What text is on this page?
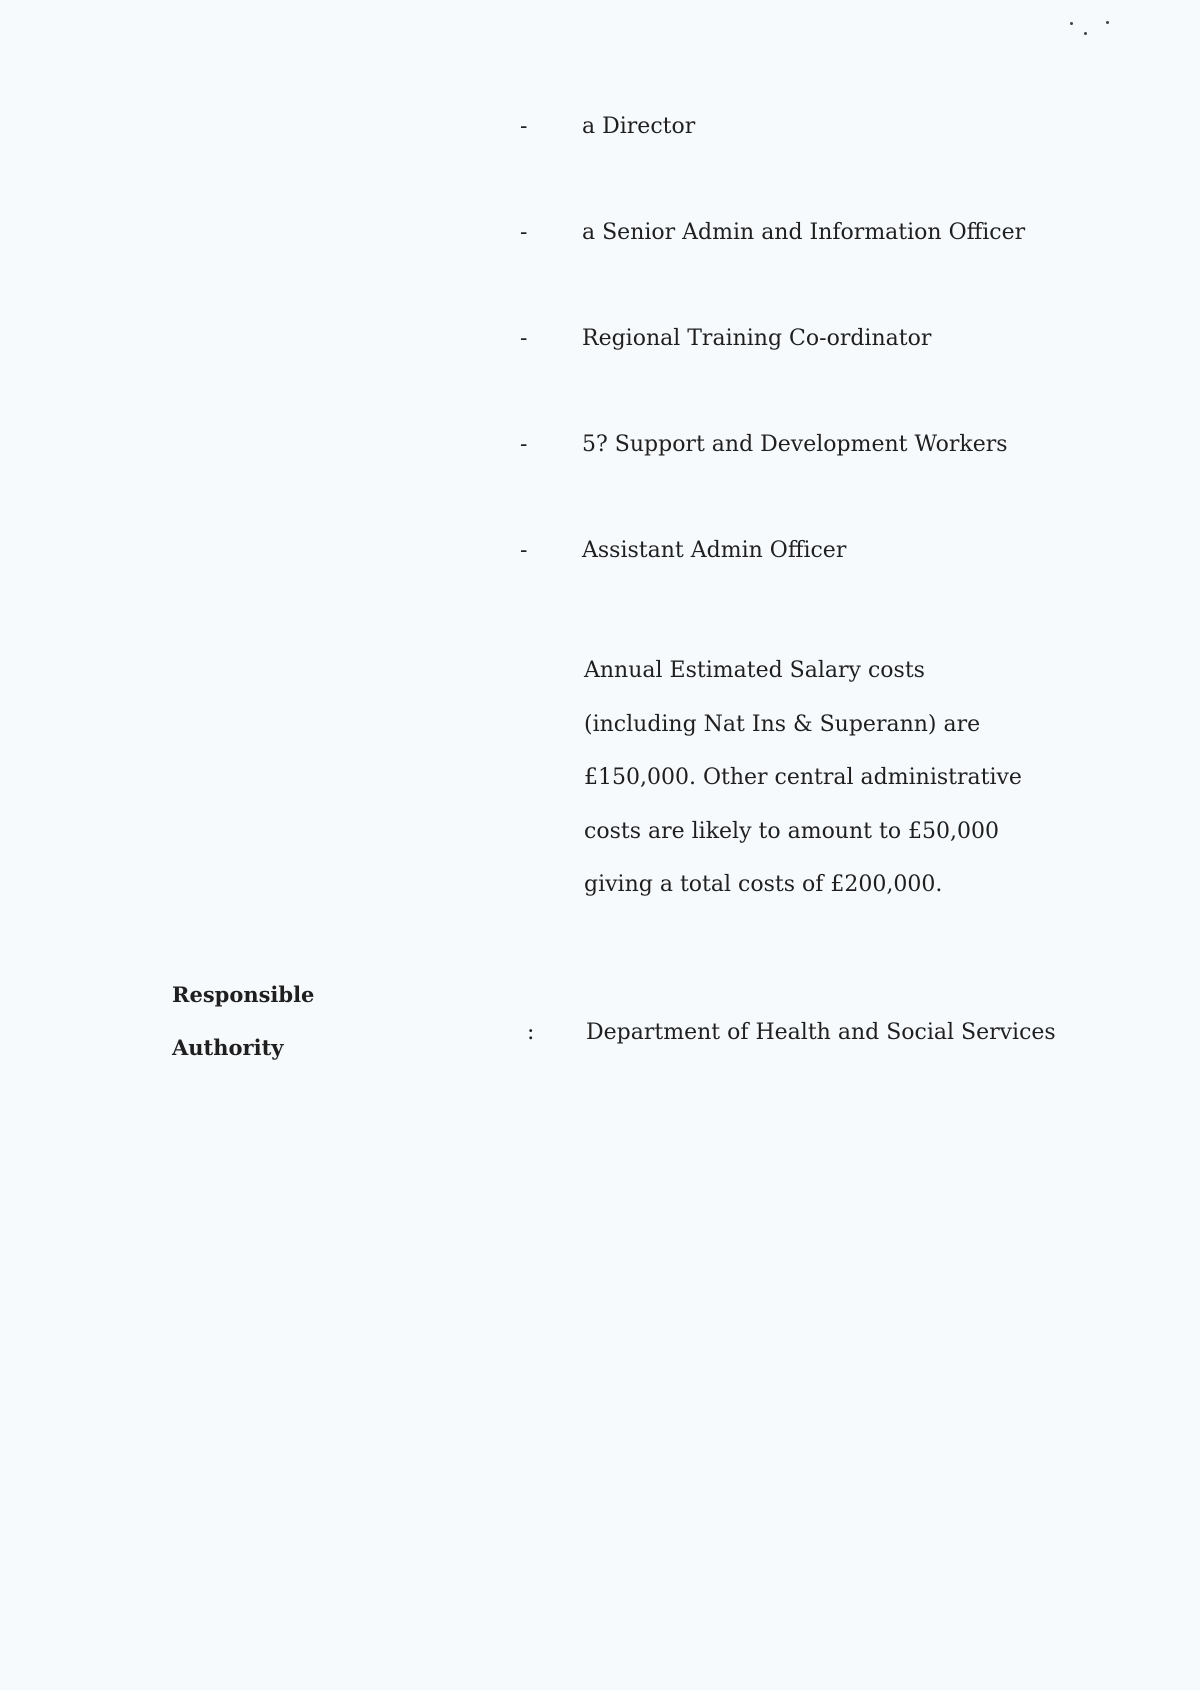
-	a Director
-	a Senior Admin and Information Officer
-	Regional Training Co-ordinator
-	5? Support and Development Workers
-	Assistant Admin Officer

Annual Estimated Salary costs

(including Nat Ins & Superann) are

£150,000. Other central administrative

costs are likely to amount to £50,000

giving a total costs of £200,000.

Responsible
Authority
: Department of Health and Social Services
